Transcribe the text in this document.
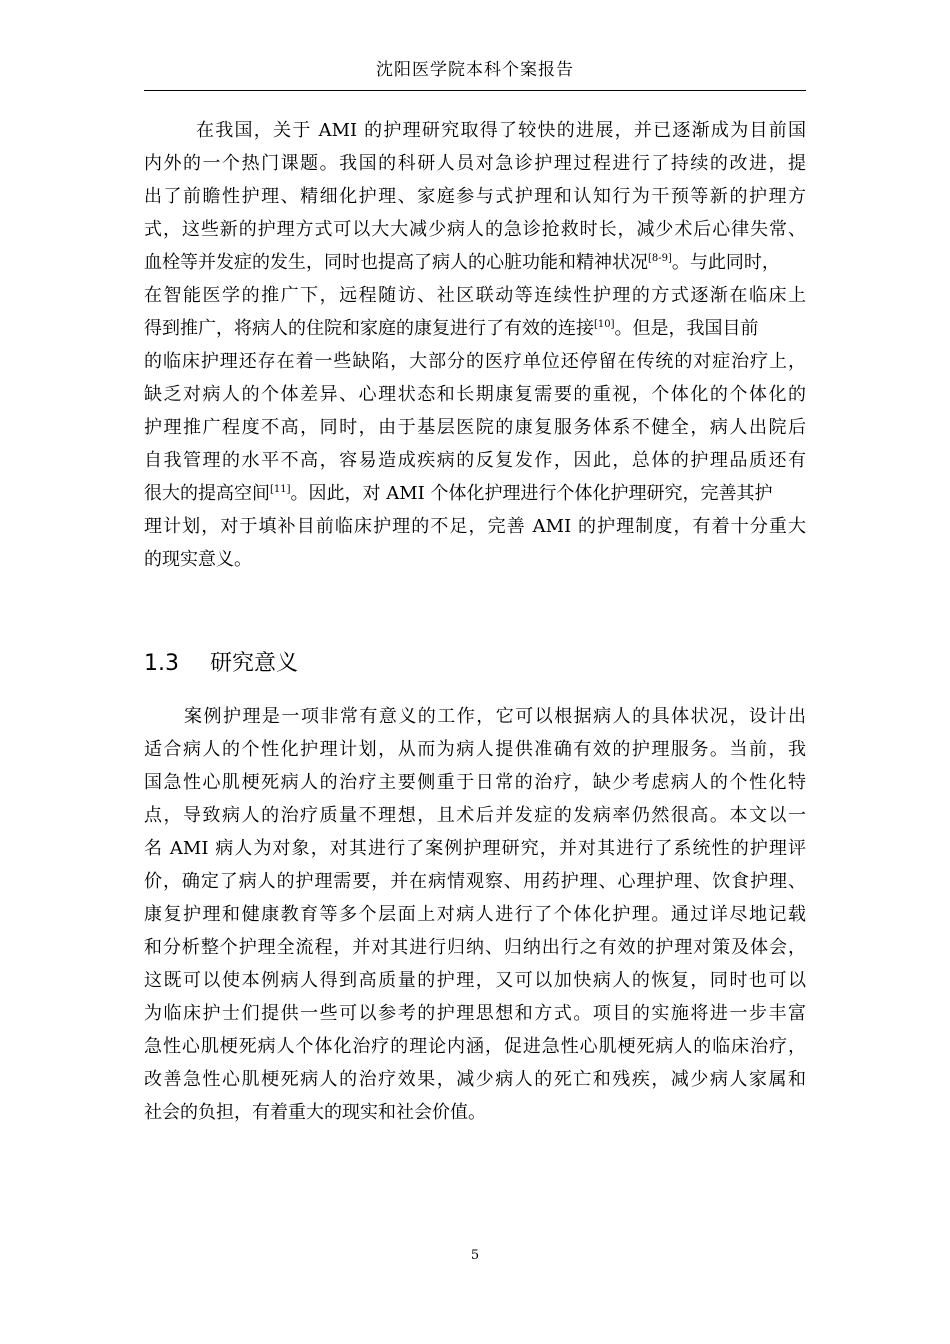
沈阳医学院本科个案报告
在我国，关于 AMI 的护理研究取得了较快的进展，并已逐渐成为目前国
内外的一个热门课题。我国的科研人员对急诊护理过程进行了持续的改进，提
出了前瞻性护理、精细化护理、家庭参与式护理和认知行为干预等新的护理方
式，这些新的护理方式可以大大减少病人的急诊抢救时长，减少术后心律失常、
血栓等并发症的发生，同时也提高了病人的心脏功能和精神状况[8-9]。与此同时，
在智能医学的推广下，远程随访、社区联动等连续性护理的方式逐渐在临床上
得到推广，将病人的住院和家庭的康复进行了有效的连接[10]。但是，我国目前
的临床护理还存在着一些缺陷，大部分的医疗单位还停留在传统的对症治疗上，
缺乏对病人的个体差异、心理状态和长期康复需要的重视，个体化的个体化的
护理推广程度不高，同时，由于基层医院的康复服务体系不健全，病人出院后
自我管理的水平不高，容易造成疾病的反复发作，因此，总体的护理品质还有
很大的提高空间[11]。因此，对 AMI 个体化护理进行个体化护理研究，完善其护
理计划，对于填补目前临床护理的不足，完善 AMI 的护理制度，有着十分重大
的现实意义。
1.3 研究意义
案例护理是一项非常有意义的工作，它可以根据病人的具体状况，设计出
适合病人的个性化护理计划，从而为病人提供准确有效的护理服务。当前，我
国急性心肌梗死病人的治疗主要侧重于日常的治疗，缺少考虑病人的个性化特
点，导致病人的治疗质量不理想，且术后并发症的发病率仍然很高。本文以一
名 AMI 病人为对象，对其进行了案例护理研究，并对其进行了系统性的护理评
价，确定了病人的护理需要，并在病情观察、用药护理、心理护理、饮食护理、
康复护理和健康教育等多个层面上对病人进行了个体化护理。通过详尽地记载
和分析整个护理全流程，并对其进行归纳、归纳出行之有效的护理对策及体会，
这既可以使本例病人得到高质量的护理，又可以加快病人的恢复，同时也可以
为临床护士们提供一些可以参考的护理思想和方式。项目的实施将进一步丰富
急性心肌梗死病人个体化治疗的理论内涵，促进急性心肌梗死病人的临床治疗，
改善急性心肌梗死病人的治疗效果，减少病人的死亡和残疾，减少病人家属和
社会的负担，有着重大的现实和社会价值。
5
